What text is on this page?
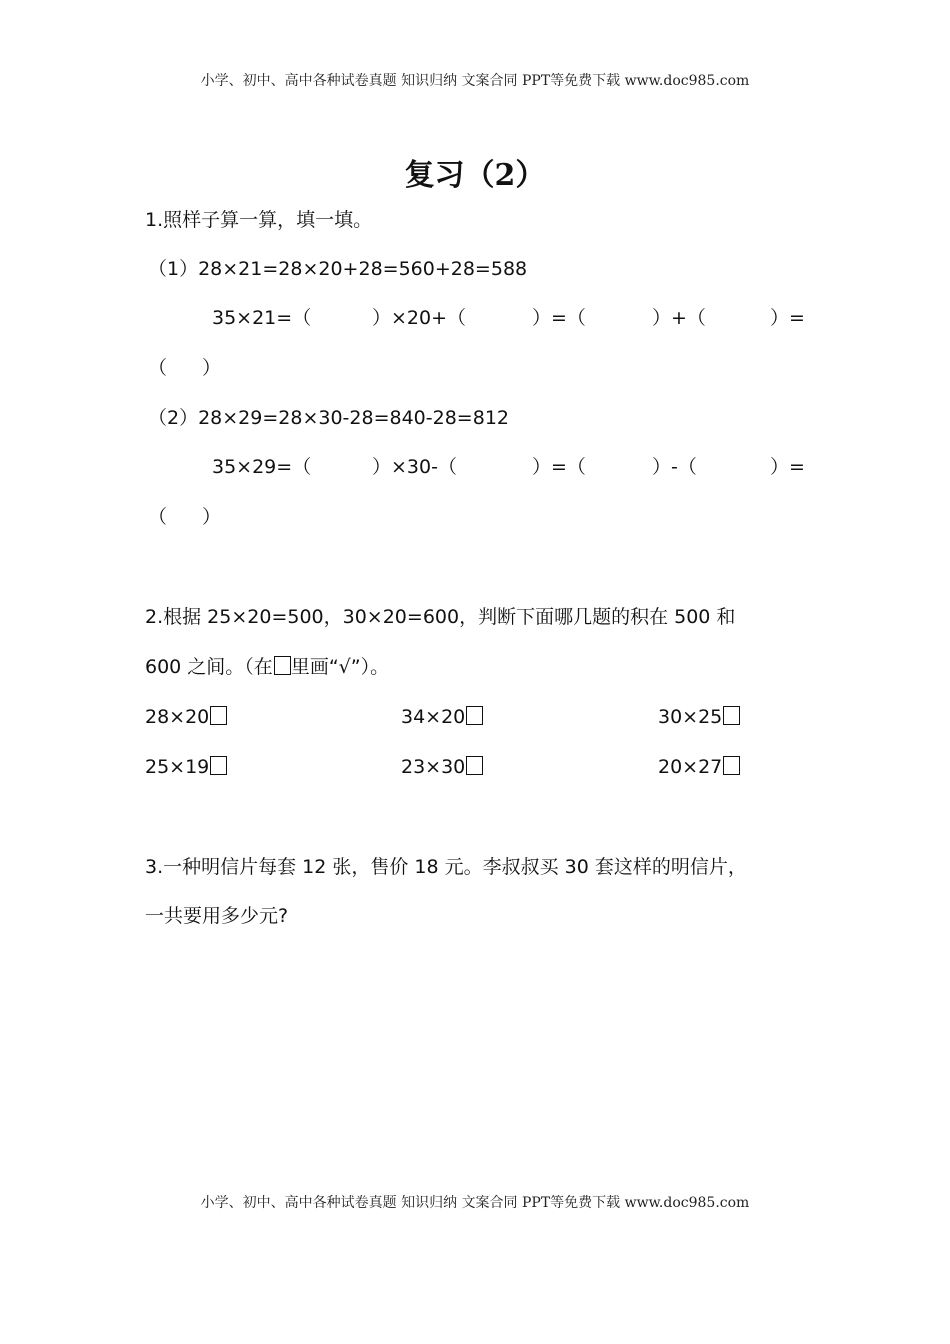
小学、初中、高中各种试卷真题 知识归纳 文案合同 PPT等免费下载 www.doc985.com
复习（2）
1.照样子算一算，填一填。
（1）28×21=28×20+28=560+28=588
35×21=（	）×20+（	）=（	）+（	）=
（ ）
（2）28×29=28×30-28=840-28=812
35×29=（	）×30-（	）=（	）-（	）=
（ ）
2.根据 25×20=500，30×20=600，判断下面哪几题的积在 500 和
600 之间。（在 里画“√”）。
28×20	34×20	30×25
25×19	23×30	20×27
3.一种明信片每套 12 张，售价 18 元。李叔叔买 30 套这样的明信片，
一共要用多少元?
小学、初中、高中各种试卷真题 知识归纳 文案合同 PPT等免费下载 www.doc985.com
